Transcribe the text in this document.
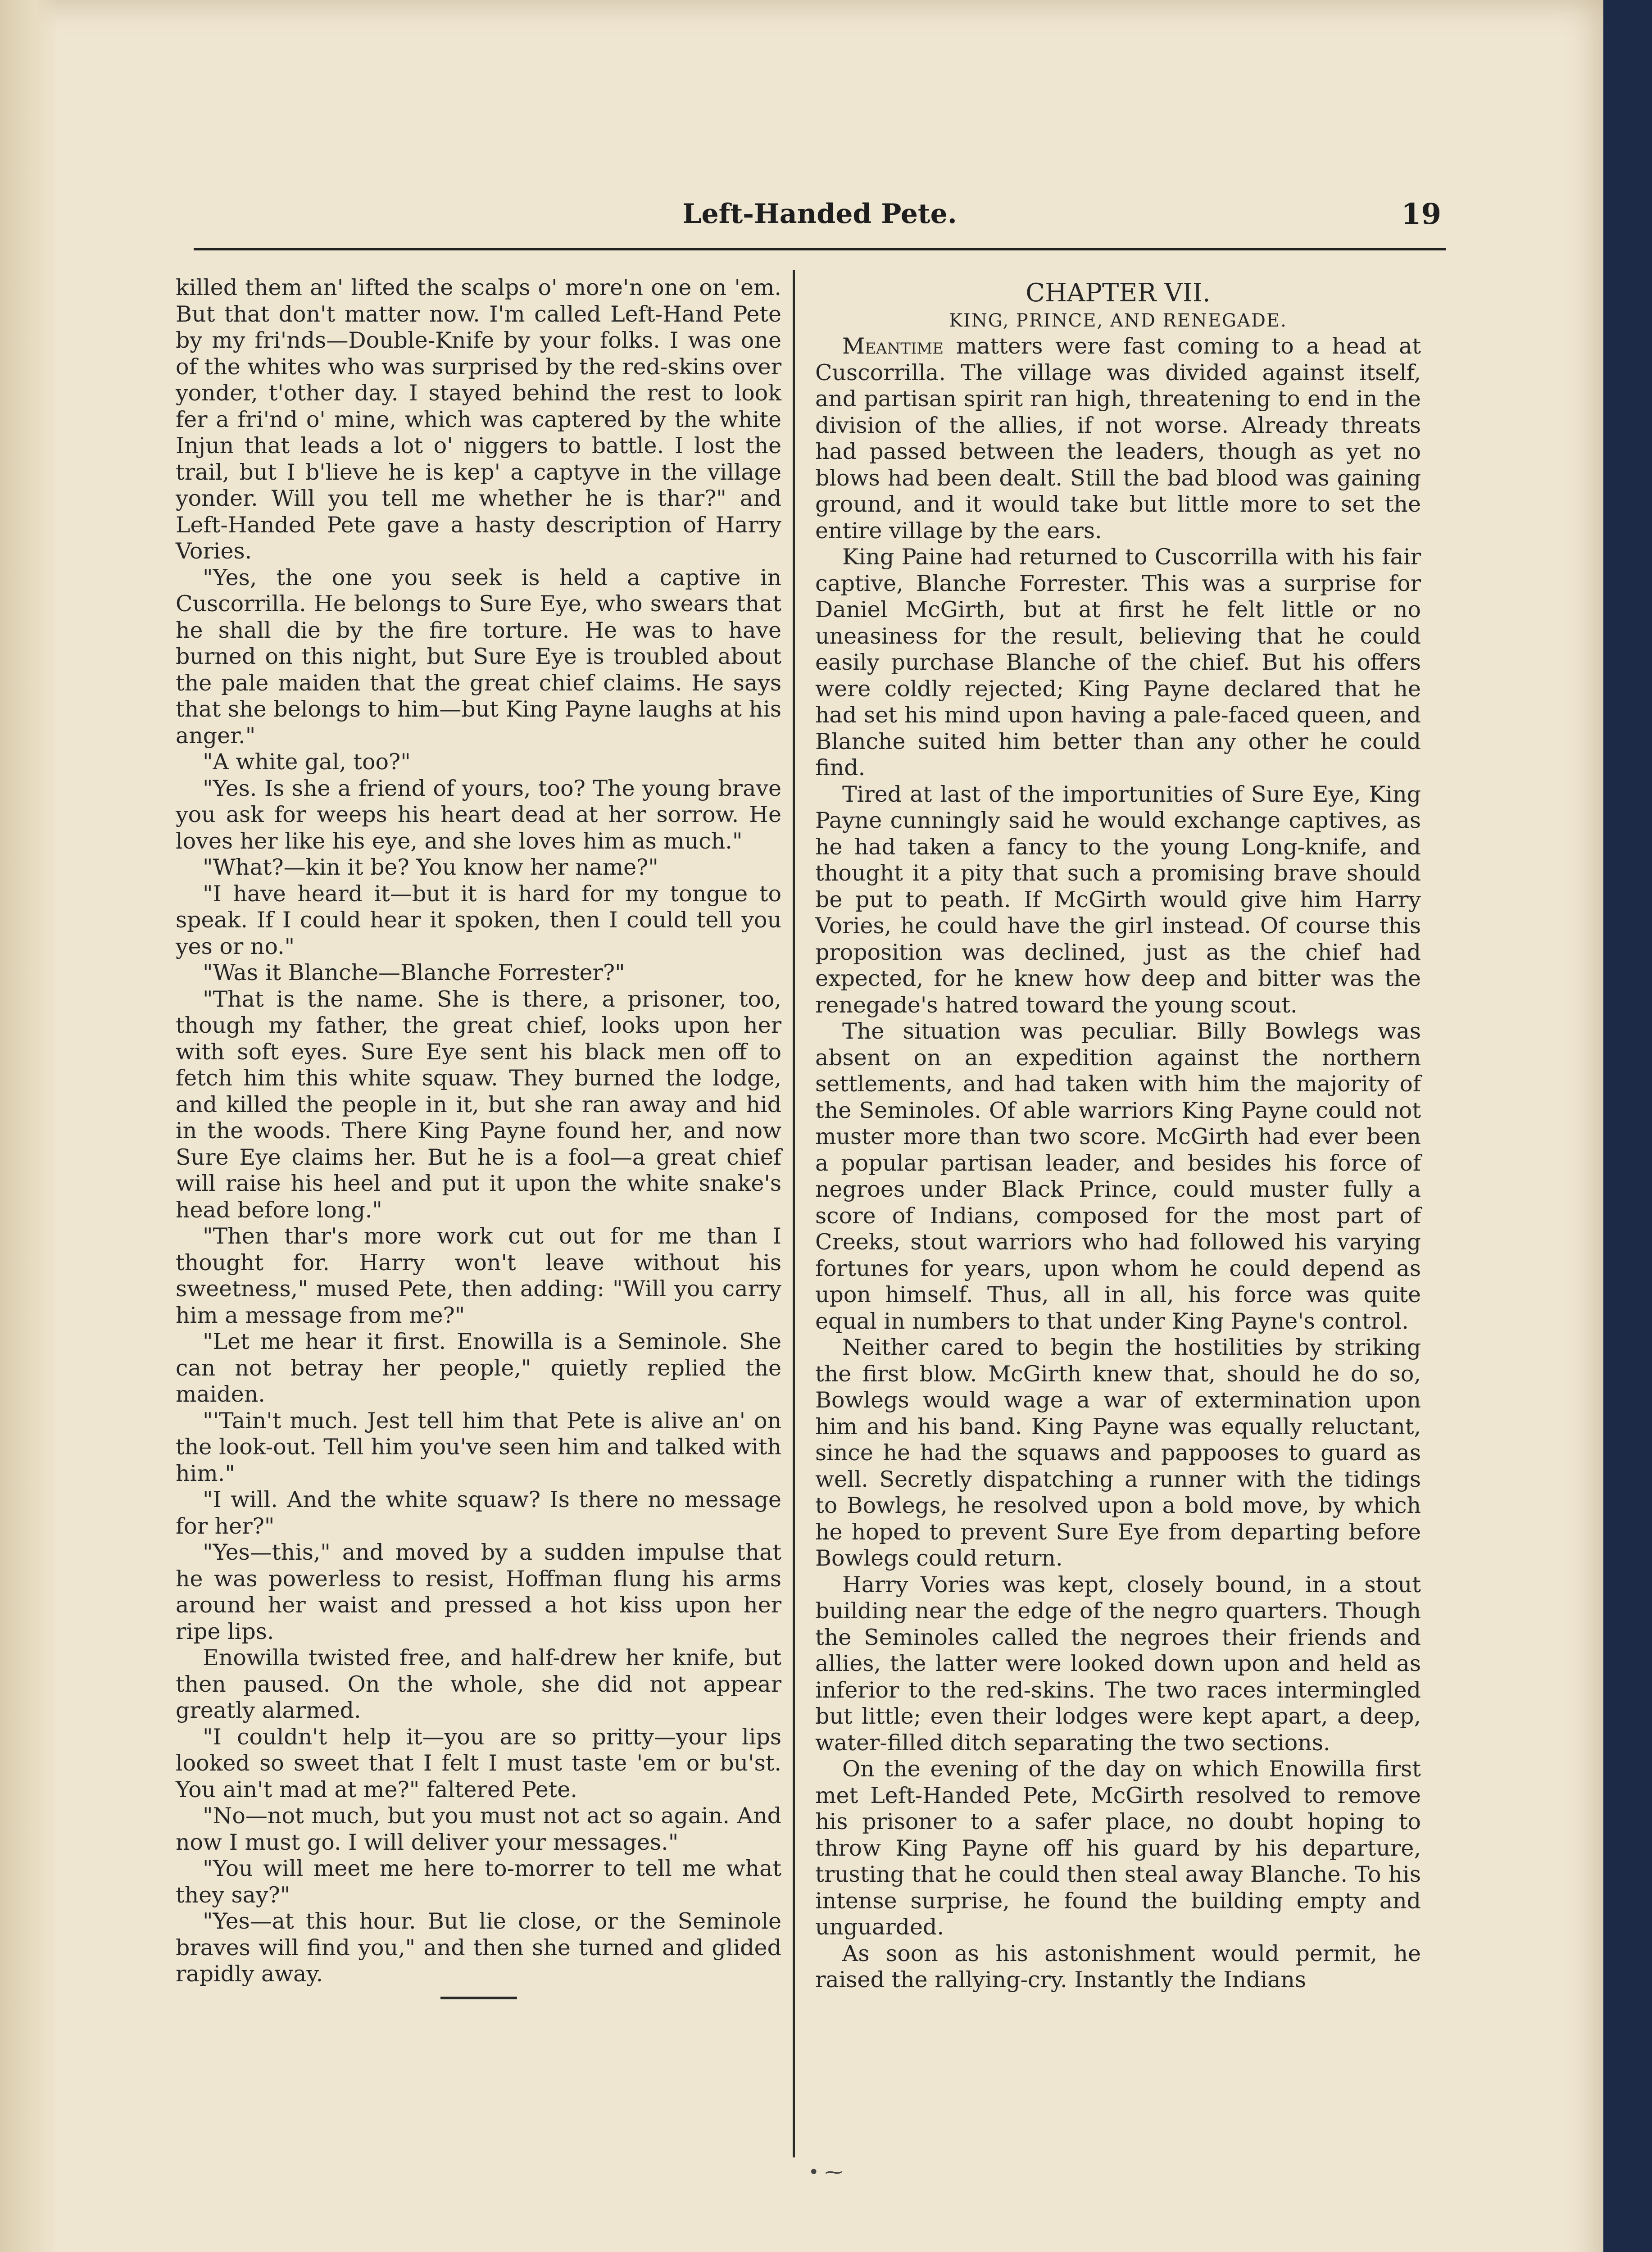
Left-Handed Pete.	19

killed them an' lifted the scalps o' more'n one on 'em. But that don't matter now. I'm called Left-Hand Pete by my fri'nds—Double-Knife by your folks. I was one of the whites who was surprised by the red-skins over yonder, t'other day. I stayed behind the rest to look fer a fri'nd o' mine, which was captered by the white Injun that leads a lot o' niggers to battle. I lost the trail, but I b'lieve he is kep' a captyve in the village yonder. Will you tell me whether he is thar?" and Left-Handed Pete gave a hasty description of Harry Vories.

"Yes, the one you seek is held a captive in Cuscorrilla. He belongs to Sure Eye, who swears that he shall die by the fire torture. He was to have burned on this night, but Sure Eye is troubled about the pale maiden that the great chief claims. He says that she belongs to him—but King Payne laughs at his anger."

"A white gal, too?"

"Yes. Is she a friend of yours, too? The young brave you ask for weeps his heart dead at her sorrow. He loves her like his eye, and she loves him as much."

"What?—kin it be? You know her name?"

"I have heard it—but it is hard for my tongue to speak. If I could hear it spoken, then I could tell you yes or no."

"Was it Blanche—Blanche Forrester?"

"That is the name. She is there, a prisoner, too, though my father, the great chief, looks upon her with soft eyes. Sure Eye sent his black men off to fetch him this white squaw. They burned the lodge, and killed the people in it, but she ran away and hid in the woods. There King Payne found her, and now Sure Eye claims her. But he is a fool—a great chief will raise his heel and put it upon the white snake's head before long."

"Then thar's more work cut out for me than I thought for. Harry won't leave without his sweetness," mused Pete, then adding: "Will you carry him a message from me?"

"Let me hear it first. Enowilla is a Seminole. She can not betray her people," quietly replied the maiden.

"'Tain't much. Jest tell him that Pete is alive an' on the look-out. Tell him you've seen him and talked with him."

"I will. And the white squaw? Is there no message for her?"

"Yes—this," and moved by a sudden impulse that he was powerless to resist, Hoffman flung his arms around her waist and pressed a hot kiss upon her ripe lips.

Enowilla twisted free, and half-drew her knife, but then paused. On the whole, she did not appear greatly alarmed.

"I couldn't help it—you are so pritty—your lips looked so sweet that I felt I must taste 'em or bu'st. You ain't mad at me?" faltered Pete.

"No—not much, but you must not act so again. And now I must go. I will deliver your messages."

"You will meet me here to-morrer to tell me what they say?"

"Yes—at this hour. But lie close, or the Seminole braves will find you," and then she turned and glided rapidly away.

CHAPTER VII.
KING, PRINCE, AND RENEGADE.

Meantime matters were fast coming to a head at Cuscorrilla. The village was divided against itself, and partisan spirit ran high, threatening to end in the division of the allies, if not worse. Already threats had passed between the leaders, though as yet no blows had been dealt. Still the bad blood was gaining ground, and it would take but little more to set the entire village by the ears.

King Paine had returned to Cuscorrilla with his fair captive, Blanche Forrester. This was a surprise for Daniel McGirth, but at first he felt little or no uneasiness for the result, believing that he could easily purchase Blanche of the chief. But his offers were coldly rejected; King Payne declared that he had set his mind upon having a pale-faced queen, and Blanche suited him better than any other he could find.

Tired at last of the importunities of Sure Eye, King Payne cunningly said he would exchange captives, as he had taken a fancy to the young Long-knife, and thought it a pity that such a promising brave should be put to peath. If McGirth would give him Harry Vories, he could have the girl instead. Of course this proposition was declined, just as the chief had expected, for he knew how deep and bitter was the renegade's hatred toward the young scout.

The situation was peculiar. Billy Bowlegs was absent on an expedition against the northern settlements, and had taken with him the majority of the Seminoles. Of able warriors King Payne could not muster more than two score. McGirth had ever been a popular partisan leader, and besides his force of negroes under Black Prince, could muster fully a score of Indians, composed for the most part of Creeks, stout warriors who had followed his varying fortunes for years, upon whom he could depend as upon himself. Thus, all in all, his force was quite equal in numbers to that under King Payne's control.

Neither cared to begin the hostilities by striking the first blow. McGirth knew that, should he do so, Bowlegs would wage a war of extermination upon him and his band. King Payne was equally reluctant, since he had the squaws and pappooses to guard as well. Secretly dispatching a runner with the tidings to Bowlegs, he resolved upon a bold move, by which he hoped to prevent Sure Eye from departing before Bowlegs could return.

Harry Vories was kept, closely bound, in a stout building near the edge of the negro quarters. Though the Seminoles called the negroes their friends and allies, the latter were looked down upon and held as inferior to the red-skins. The two races intermingled but little; even their lodges were kept apart, a deep, water-filled ditch separating the two sections.

On the evening of the day on which Enowilla first met Left-Handed Pete, McGirth resolved to remove his prisoner to a safer place, no doubt hoping to throw King Payne off his guard by his departure, trusting that he could then steal away Blanche. To his intense surprise, he found the building empty and unguarded.

As soon as his astonishment would permit, he raised the rallying-cry. Instantly the Indians

• ⁓
